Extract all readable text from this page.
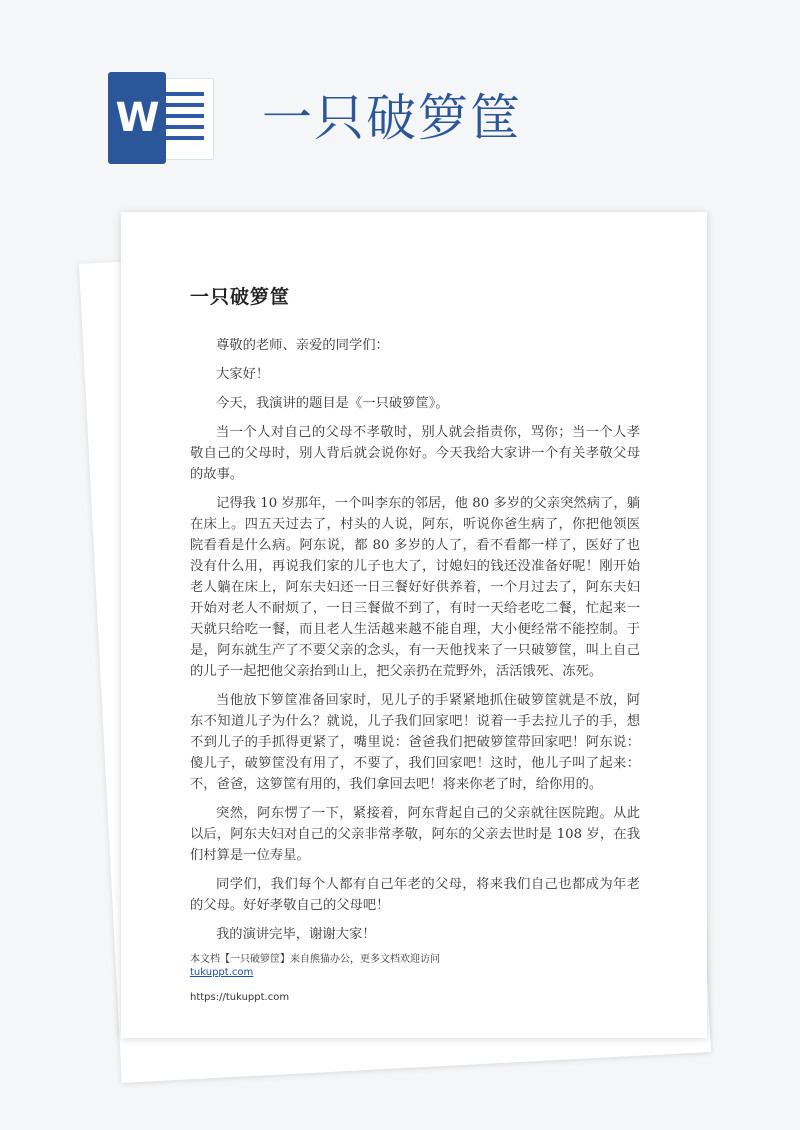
W 一只破箩筐
一只破箩筐

尊敬的老师、亲爱的同学们：

大家好！

今天，我演讲的题目是《一只破箩筐》。

当一个人对自己的父母不孝敬时，别人就会指责你，骂你；当一个人孝敬自己的父母时，别人背后就会说你好。今天我给大家讲一个有关孝敬父母的故事。

记得我 10 岁那年，一个叫李东的邻居，他 80 多岁的父亲突然病了，躺在床上。四五天过去了，村头的人说，阿东，听说你爸生病了，你把他领医院看看是什么病。阿东说，都 80 多岁的人了，看不看都一样了，医好了也没有什么用，再说我们家的儿子也大了，讨媳妇的钱还没准备好呢！刚开始老人躺在床上，阿东夫妇还一日三餐好好供养着，一个月过去了，阿东夫妇开始对老人不耐烦了，一日三餐做不到了，有时一天给老吃二餐，忙起来一天就只给吃一餐，而且老人生活越来越不能自理，大小便经常不能控制。于是，阿东就生产了不要父亲的念头，有一天他找来了一只破箩筐，叫上自己的儿子一起把他父亲抬到山上，把父亲扔在荒野外，活活饿死、冻死。

当他放下箩筐准备回家时，见儿子的手紧紧地抓住破箩筐就是不放，阿东不知道儿子为什么？就说，儿子我们回家吧！说着一手去拉儿子的手，想不到儿子的手抓得更紧了，嘴里说：爸爸我们把破箩筐带回家吧！阿东说：傻儿子，破箩筐没有用了，不要了，我们回家吧！这时，他儿子叫了起来：不，爸爸，这箩筐有用的，我们拿回去吧！将来你老了时，给你用的。

突然，阿东愣了一下，紧接着，阿东背起自己的父亲就往医院跑。从此以后，阿东夫妇对自己的父亲非常孝敬，阿东的父亲去世时是 108 岁，在我们村算是一位寿星。

同学们，我们每个人都有自己年老的父母，将来我们自己也都成为年老的父母。好好孝敬自己的父母吧！

我的演讲完毕，谢谢大家！

本文档【一只破箩筐】来自熊猫办公，更多文档欢迎访问
tukuppt.com
https://tukuppt.com
